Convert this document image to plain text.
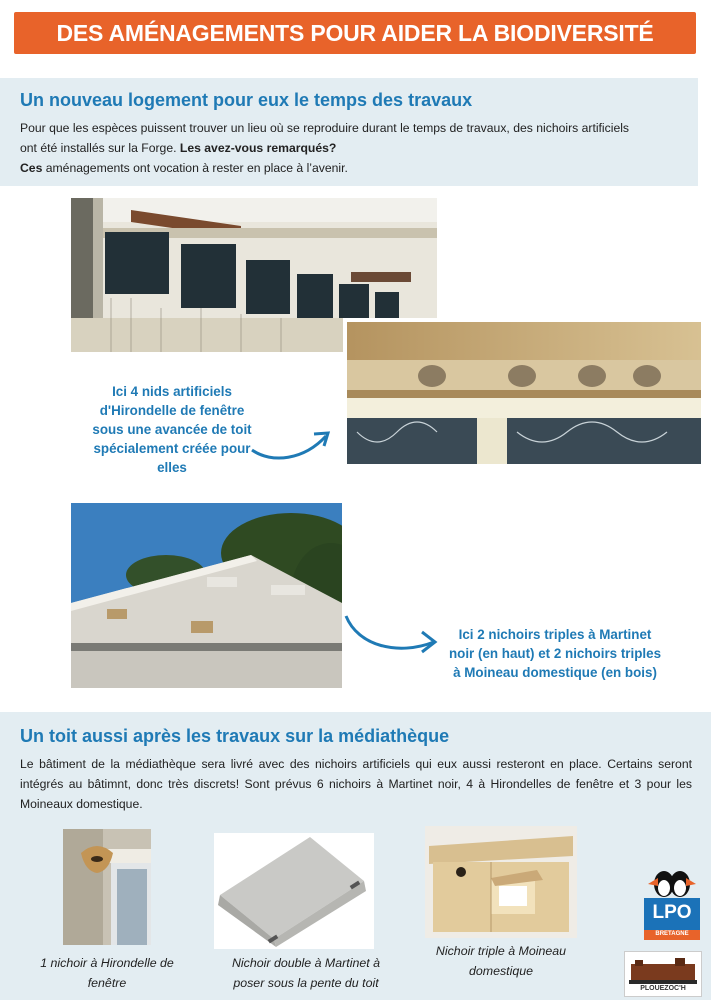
DES AMÉNAGEMENTS POUR AIDER LA BIODIVERSITÉ
Un nouveau logement pour eux le temps des travaux

Pour que les espèces puissent trouver un lieu où se reproduire durant le temps de travaux, des nichoirs artificiels
ont été installés sur la Forge. Les avez-vous remarqués?
Ces aménagements ont vocation à rester en place à l’avenir.

Ici 4 nids artificiels d'Hirondelle de fenêtre sous une avancée de toit spécialement créée pour elles
Ici 2 nichoirs triples à Martinet noir (en haut) et 2 nichoirs triples à Moineau domestique (en bois)
Un toit aussi après les travaux sur la médiathèque

Le bâtiment de la médiathèque sera livré avec des nichoirs artificiels qui eux aussi resteront en place. Certains seront intégrés au bâtimnt, donc très discrets! Sont prévus 6 nichoirs à Martinet noir, 4 à Hirondelles de fenêtre et 3 pour les Moineaux domestique.

1 nichoir à Hirondelle de fenêtre
Nichoir double à Martinet à poser sous la pente du toit
Nichoir triple à Moineau domestique
LPO
BRETAGNE
PLOUEZOC'H
